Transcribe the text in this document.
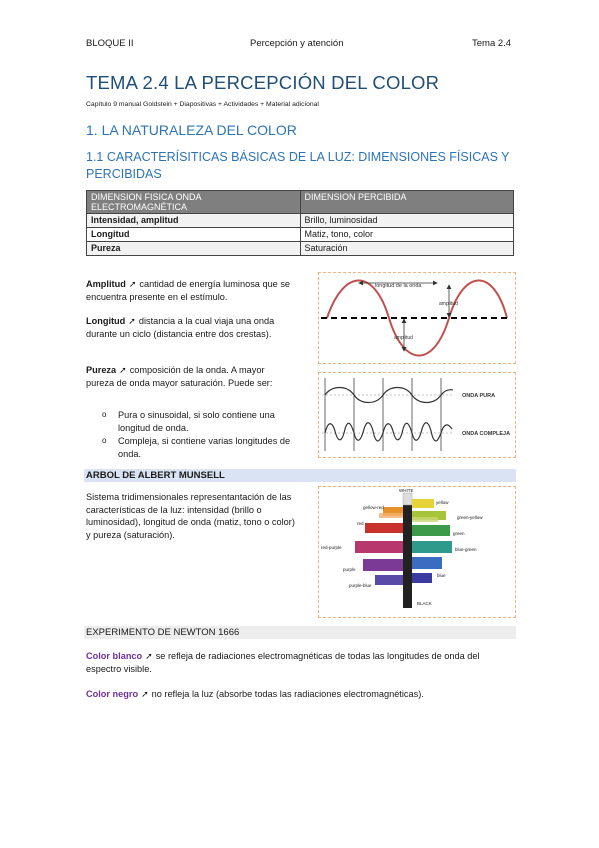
BLOQUE II	Percepción y atención	Tema 2.4
TEMA 2.4 LA PERCEPCIÓN DEL COLOR
Capítulo 9 manual Goldstein + Diapositivas + Actividades + Material adicional
1. LA NATURALEZA DEL COLOR
1.1 CARACTERÍSITICAS BÁSICAS DE LA LUZ: DIMENSIONES FÍSICAS Y PERCIBIDAS
DIMENSION FISICA ONDA ELECTROMAGNÉTICA	DIMENSION PERCIBIDA
Intensidad, amplitud	Brillo, luminosidad
Longitud	Matiz, tono, color
Pureza	Saturación
Amplitud ➚ cantidad de energía luminosa que se encuentra presente en el estímulo.
Longitud ➚ distancia a la cual viaja una onda durante un ciclo (distancia entre dos crestas).
Pureza ➚ composición de la onda. A mayor pureza de onda mayor saturación. Puede ser:
o Pura o sinusoidal, si solo contiene una longitud de onda.
o Compleja, si contiene varias longitudes de onda.
longitud de la onda
amplitud
amplitud
ONDA PURA
ONDA COMPLEJA
ARBOL DE ALBERT MUNSELL
Sistema tridimensionales representantación de las características de la luz: intensidad (brillo o luminosidad), longitud de onda (matiz, tono o color) y pureza (saturación).
WHITE
yellow
gellow-red
green-yellow
red
green
red-purple	blue-green
purple
blue
purple-blue
BLACK
EXPERIMENTO DE NEWTON 1666
Color blanco ➚ se refleja de radiaciones electromagnéticas de todas las longitudes de onda del espectro visible.
Color negro ➚ no refleja la luz (absorbe todas las radiaciones electromagnéticas).
